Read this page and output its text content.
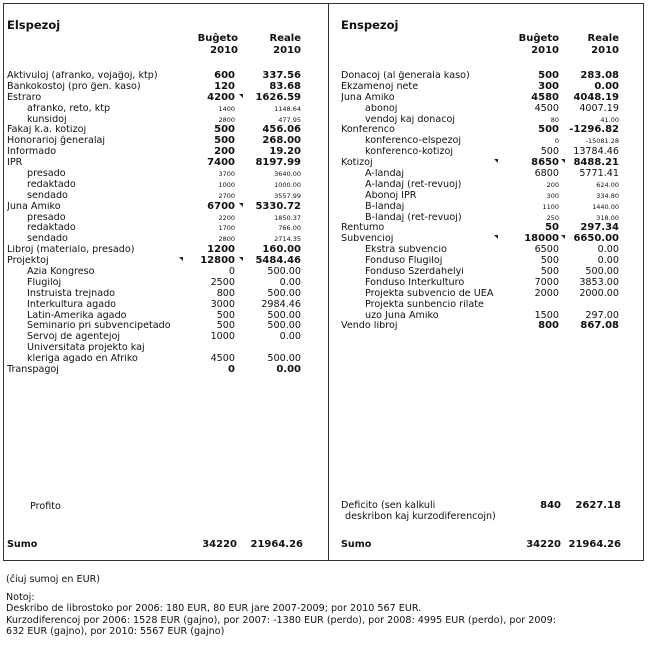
Elspezoj
Buĝeto
2010
Reale
2010
Aktivuloj (afranko, vojaĝoj, ktp)	600	337.56
Bankokostoj (pro ĝen. kaso)	120	83.68
Estraro	4200	1626.59
afranko, reto, ktp	1400	1148.64
kunsidoj	2800	477.95
Fakaj k.a. kotizoj	500	456.06
Honorarioj ĝeneralaj	500	268.00
Informado	200	19.20
IPR	7400	8197.99
presado	3700	3640.00
redaktado	1000	1000.00
sendado	2700	3557.99
Juna Amiko	6700	5330.72
presado	2200	1850.37
redaktado	1700	766.00
sendado	2800	2714.35
Libroj (materialo, presado)	1200	160.00
Projektoj	12800	5484.46
Azia Kongreso	0	500.00
Flugiloj	2500	0.00
Instruista trejnado	800	500.00
Interkultura agado	3000	2984.46
Latin-Amerika agado	500	500.00
Seminario pri subvencipetado	500	500.00
Servoj de agentejoj	1000	0.00
Universitata projekto kaj
kleriga agado en Afriko	4500	500.00
Transpagoj	0	0.00
Profito
Sumo	34220	21964.26
Enspezoj
Buĝeto
2010
Reale
2010
Donacoj (al ĝenerala kaso)	500	283.08
Ekzamenoj nete	300	0.00
Juna Amiko	4580	4048.19
abonoj	4500	4007.19
vendoj kaj donacoj	80	41.00
Konferenco	500	-1296.82
konferenco-elspezoj	0	-15081.28
konferenco-kotizoj	500	13784.46
Kotizoj	8650	8488.21
A-landaj	6800	5771.41
A-landaj (ret-revuoj)	200	624.00
Abonoj IPR	300	334.80
B-landaj	1100	1440.00
B-landaj (ret-revuoj)	250	318.00
Rentumo	50	297.34
Subvencioj	18000	6650.00
Ekstra subvencio	6500	0.00
Fonduso Flugiloj	500	0.00
Fonduso Szerdahelyi	500	500.00
Fonduso Interkulturo	7000	3853.00
Projekta subvencio de UEA	2000	2000.00
Projekta sunbencio rilate
uzo Juna Amiko	1500	297.00
Vendo libroj	800	867.08
Deficito (sen kalkuli
deskribon kaj kurzodiferencojn)
840	2627.18
Sumo	34220 21964.26

(ĉiuj sumoj en EUR)

Notoj:

Deskribo de librostoko por 2006: 180 EUR, 80 EUR jare 2007-2009; por 2010 567 EUR.

Kurzodiferencoj por 2006: 1528 EUR (gajno), por 2007: -1380 EUR (perdo), por 2008: 4995 EUR (perdo), por 2009:

632 EUR (gajno), por 2010: 5567 EUR (gajno)
